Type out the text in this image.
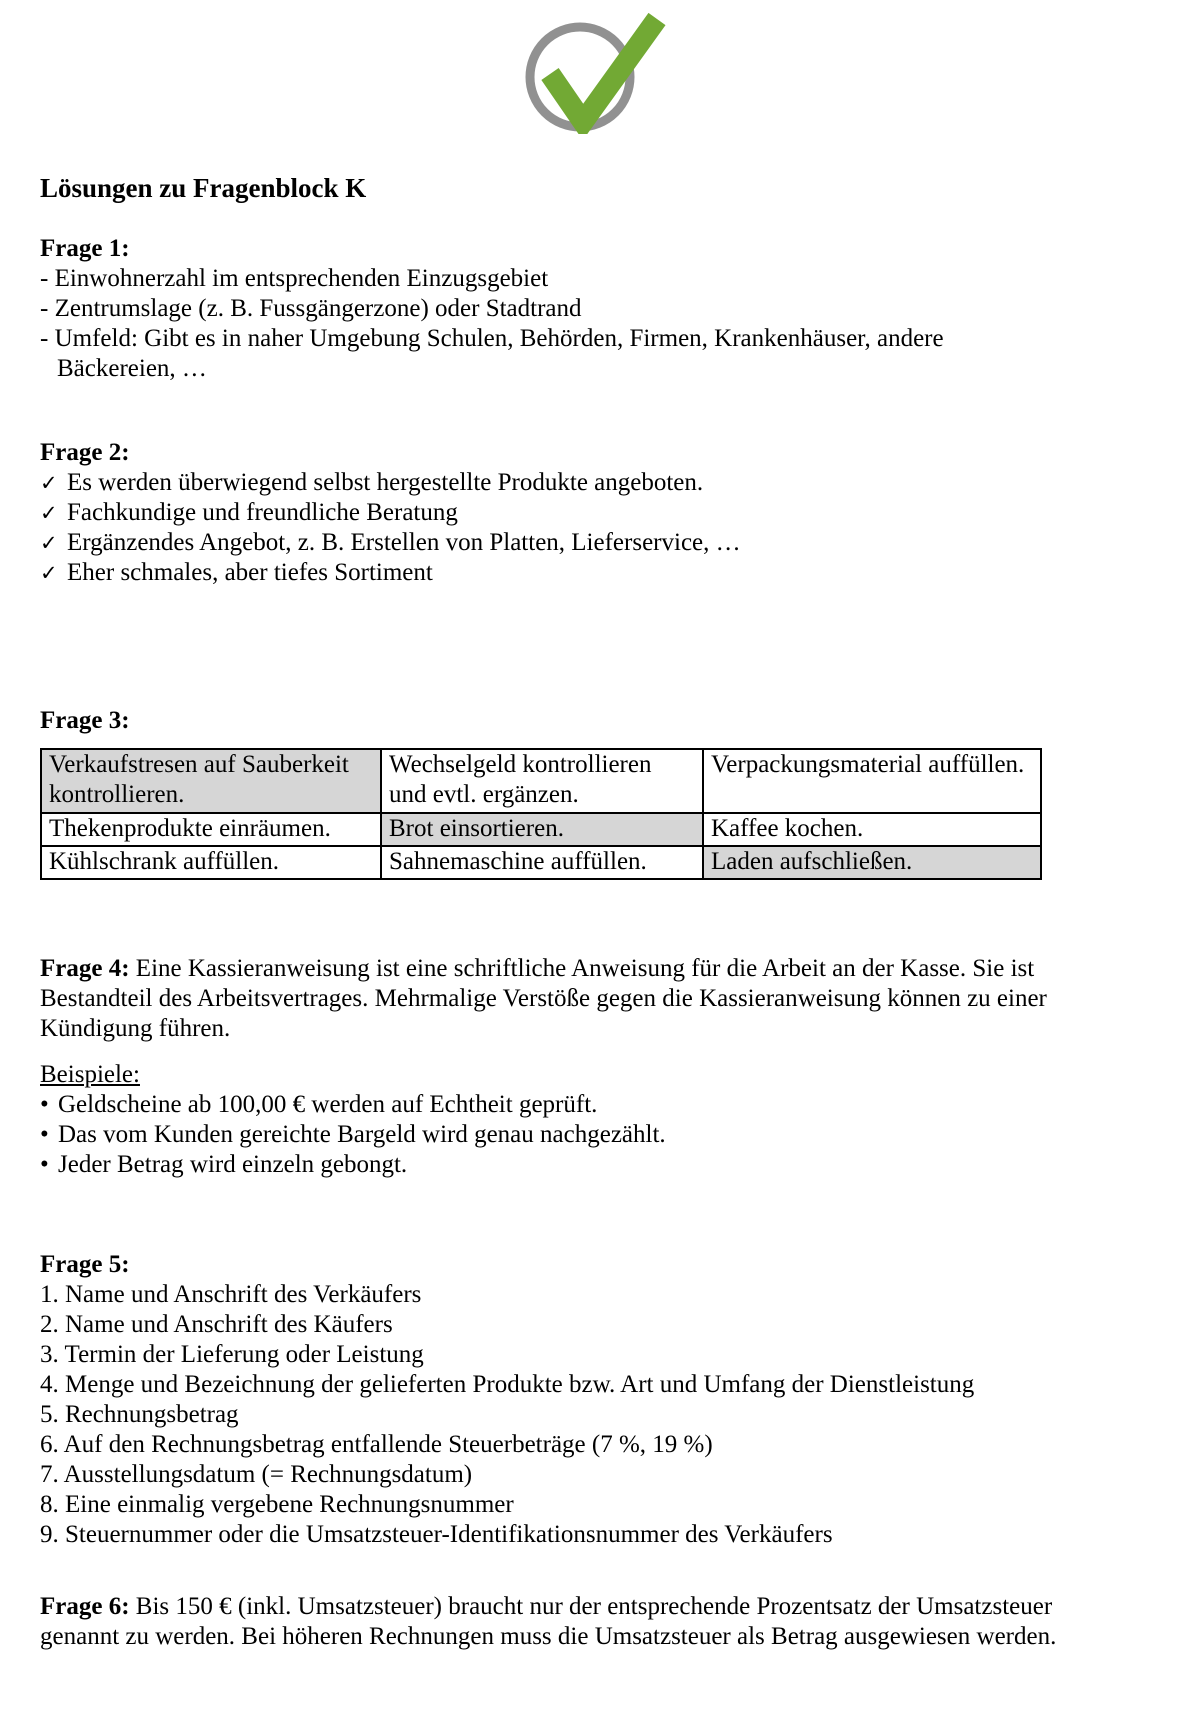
Lösungen zu Fragenblock K
Frage 1:
- Einwohnerzahl im entsprechenden Einzugsgebiet
- Zentrumslage (z. B. Fussgängerzone) oder Stadtrand
- Umfeld: Gibt es in naher Umgebung Schulen, Behörden, Firmen, Krankenhäuser, andere
Bäckereien, …
Frage 2:
✓ Es werden überwiegend selbst hergestellte Produkte angeboten.
✓ Fachkundige und freundliche Beratung
✓ Ergänzendes Angebot, z. B. Erstellen von Platten, Lieferservice, …
✓ Eher schmales, aber tiefes Sortiment
Frage 3:
Verkaufstresen auf Sauberkeit kontrollieren.	Wechselgeld kontrollieren und evtl. ergänzen.	Verpackungsmaterial auffüllen.
Thekenprodukte einräumen.	Brot einsortieren.	Kaffee kochen.
Kühlschrank auffüllen.	Sahnemaschine auffüllen.	Laden aufschließen.

Frage 4: Eine Kassieranweisung ist eine schriftliche Anweisung für die Arbeit an der Kasse. Sie ist Bestandteil des Arbeitsvertrages. Mehrmalige Verstöße gegen die Kassieranweisung können zu einer Kündigung führen.

Beispiele:
• Geldscheine ab 100,00 € werden auf Echtheit geprüft.
• Das vom Kunden gereichte Bargeld wird genau nachgezählt.
• Jeder Betrag wird einzeln gebongt.
Frage 5:
1. Name und Anschrift des Verkäufers
2. Name und Anschrift des Käufers
3. Termin der Lieferung oder Leistung
4. Menge und Bezeichnung der gelieferten Produkte bzw. Art und Umfang der Dienstleistung
5. Rechnungsbetrag
6. Auf den Rechnungsbetrag entfallende Steuerbeträge (7 %, 19 %)
7. Ausstellungsdatum (= Rechnungsdatum)
8. Eine einmalig vergebene Rechnungsnummer
9. Steuernummer oder die Umsatzsteuer-Identifikationsnummer des Verkäufers

Frage 6: Bis 150 € (inkl. Umsatzsteuer) braucht nur der entsprechende Prozentsatz der Umsatzsteuer genannt zu werden. Bei höheren Rechnungen muss die Umsatzsteuer als Betrag ausgewiesen werden.
